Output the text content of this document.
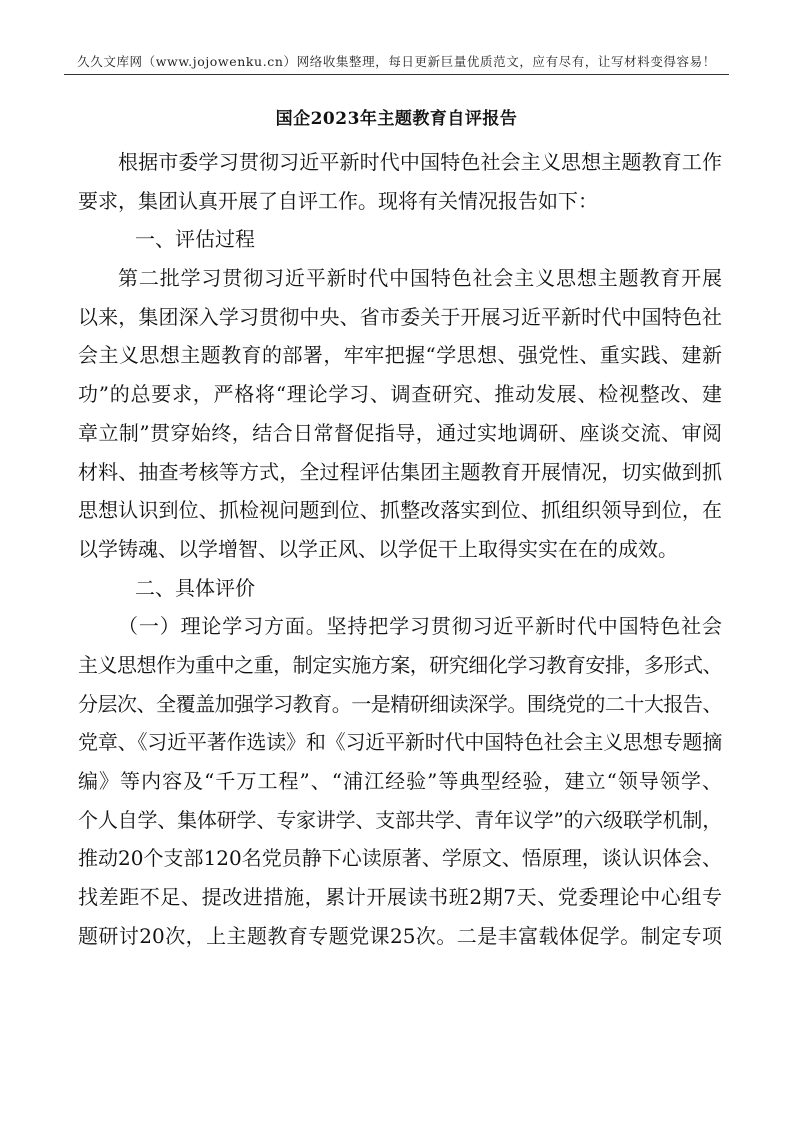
久久文库网（www.jojowenku.cn）网络收集整理，每日更新巨量优质范文，应有尽有，让写材料变得容易！
国企2023年主题教育自评报告
根据市委学习贯彻习近平新时代中国特色社会主义思想主题教育工作
要求，集团认真开展了自评工作。现将有关情况报告如下：
一、评估过程
第二批学习贯彻习近平新时代中国特色社会主义思想主题教育开展
以来，集团深入学习贯彻中央、省市委关于开展习近平新时代中国特色社
会主义思想主题教育的部署，牢牢把握“学思想、强党性、重实践、建新
功”的总要求，严格将“理论学习、调查研究、推动发展、检视整改、建
章立制”贯穿始终，结合日常督促指导，通过实地调研、座谈交流、审阅
材料、抽查考核等方式，全过程评估集团主题教育开展情况，切实做到抓
思想认识到位、抓检视问题到位、抓整改落实到位、抓组织领导到位，在
以学铸魂、以学增智、以学正风、以学促干上取得实实在在的成效。
二、具体评价
（一）理论学习方面。坚持把学习贯彻习近平新时代中国特色社会
主义思想作为重中之重，制定实施方案，研究细化学习教育安排，多形式、
分层次、全覆盖加强学习教育。一是精研细读深学。围绕党的二十大报告、
党章、《习近平著作选读》和《习近平新时代中国特色社会主义思想专题摘
编》等内容及“千万工程”、“浦江经验”等典型经验，建立“领导领学、
个人自学、集体研学、专家讲学、支部共学、青年议学”的六级联学机制，
推动20个支部120名党员静下心读原著、学原文、悟原理，谈认识体会、
找差距不足、提改进措施，累计开展读书班2期7天、党委理论中心组专
题研讨20次，上主题教育专题党课25次。二是丰富载体促学。制定专项
